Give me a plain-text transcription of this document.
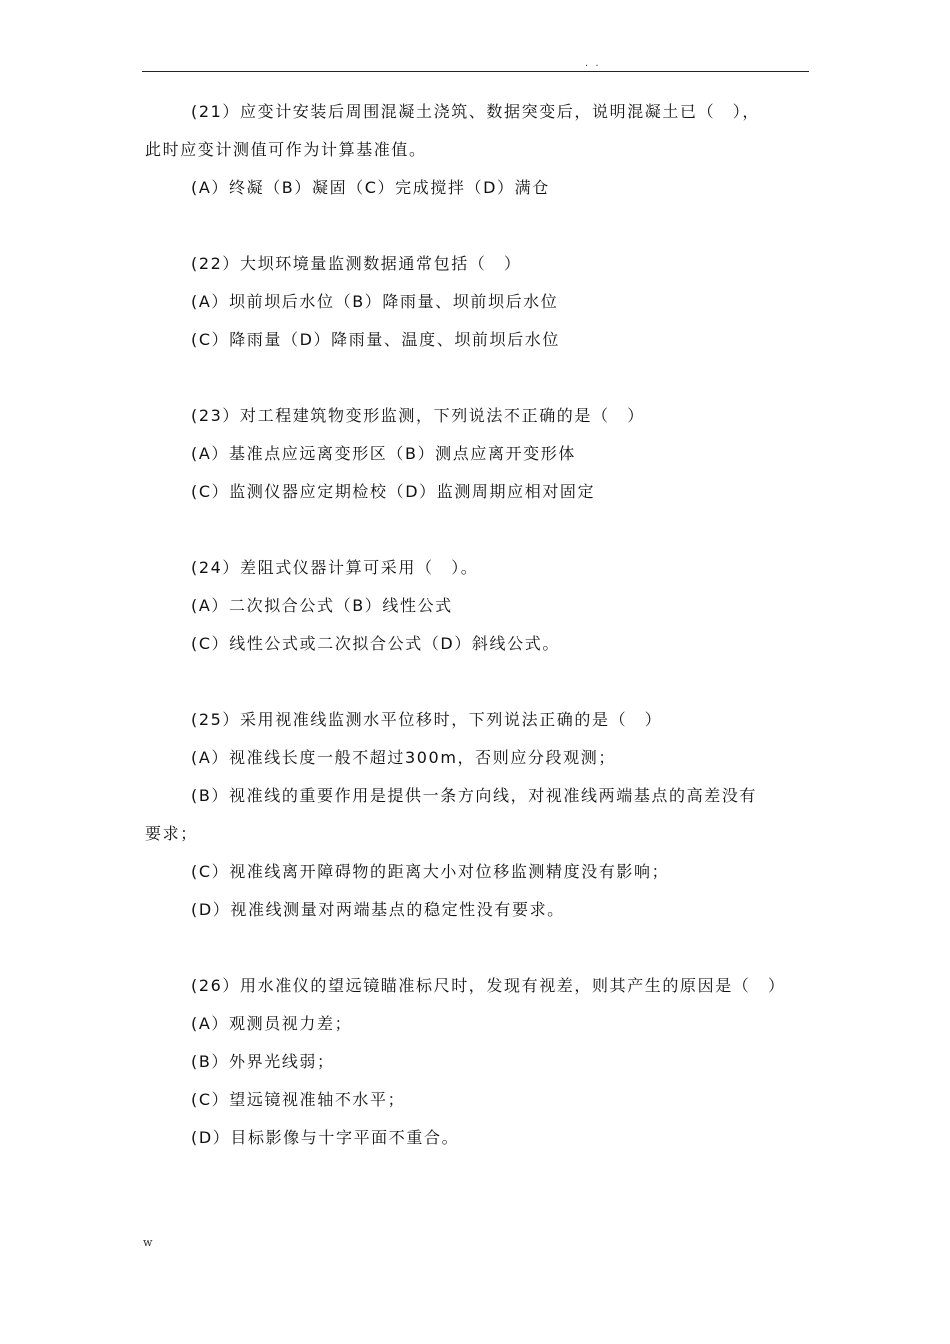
. .
(21）应变计安装后周围混凝土浇筑、数据突变后，说明混凝土已（　），
此时应变计测值可作为计算基准值。
(A）终凝（B）凝固（C）完成搅拌（D）满仓
(22）大坝环境量监测数据通常包括（　）
(A）坝前坝后水位（B）降雨量、坝前坝后水位
(C）降雨量（D）降雨量、温度、坝前坝后水位
(23）对工程建筑物变形监测，下列说法不正确的是（　）
(A）基准点应远离变形区（B）测点应离开变形体
(C）监测仪器应定期检校（D）监测周期应相对固定
(24）差阻式仪器计算可采用（　）。
(A）二次拟合公式（B）线性公式
(C）线性公式或二次拟合公式（D）斜线公式。
(25）采用视准线监测水平位移时，下列说法正确的是（　）
(A）视准线长度一般不超过300m，否则应分段观测；
(B）视准线的重要作用是提供一条方向线，对视准线两端基点的高差没有
要求；
(C）视准线离开障碍物的距离大小对位移监测精度没有影响；
(D）视准线测量对两端基点的稳定性没有要求。
(26）用水准仪的望远镜瞄准标尺时，发现有视差，则其产生的原因是（　）
(A）观测员视力差；
(B）外界光线弱；
(C）望远镜视准轴不水平；
(D）目标影像与十字平面不重合。
w
